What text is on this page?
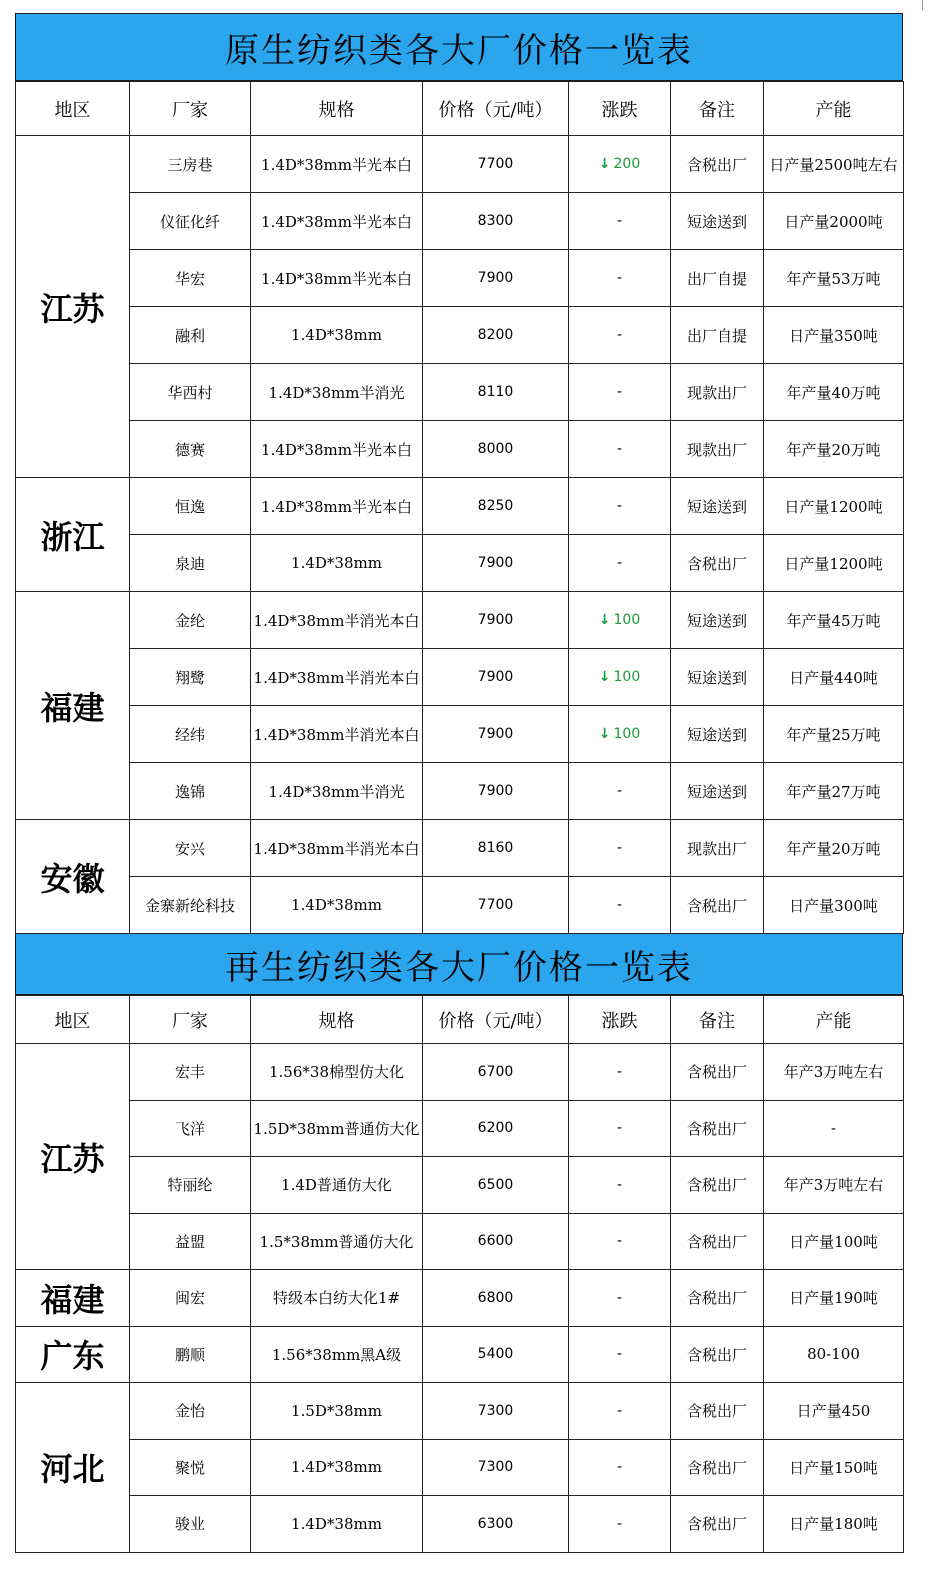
原生纺织类各大厂价格一览表
地区	厂家	规格	价格（元/吨）	涨跌	备注	产能
江苏	三房巷	1.4D*38mm半光本白	7700	↓ 200	含税出厂	日产量2500吨左右
	仪征化纤	1.4D*38mm半光本白	8300	-	短途送到	日产量2000吨
	华宏	1.4D*38mm半光本白	7900	-	出厂自提	年产量53万吨
	融利	1.4D*38mm	8200	-	出厂自提	日产量350吨
	华西村	1.4D*38mm半消光	8110	-	现款出厂	年产量40万吨
	德赛	1.4D*38mm半光本白	8000	-	现款出厂	年产量20万吨
浙江	恒逸	1.4D*38mm半光本白	8250	-	短途送到	日产量1200吨
	泉迪	1.4D*38mm	7900	-	含税出厂	日产量1200吨
福建	金纶	1.4D*38mm半消光本白	7900	↓ 100	短途送到	年产量45万吨
	翔鹭	1.4D*38mm半消光本白	7900	↓ 100	短途送到	日产量440吨
	经纬	1.4D*38mm半消光本白	7900	↓ 100	短途送到	年产量25万吨
	逸锦	1.4D*38mm半消光	7900	-	短途送到	年产量27万吨
安徽	安兴	1.4D*38mm半消光本白	8160	-	现款出厂	年产量20万吨
	金寨新纶科技	1.4D*38mm	7700	-	含税出厂	日产量300吨
再生纺织类各大厂价格一览表
地区	厂家	规格	价格（元/吨）	涨跌	备注	产能
江苏	宏丰	1.56*38棉型仿大化	6700	-	含税出厂	年产3万吨左右
	飞洋	1.5D*38mm普通仿大化	6200	-	含税出厂	-
	特丽纶	1.4D普通仿大化	6500	-	含税出厂	年产3万吨左右
	益盟	1.5*38mm普通仿大化	6600	-	含税出厂	日产量100吨
福建	闽宏	特级本白纺大化1#	6800	-	含税出厂	日产量190吨
广东	鹏顺	1.56*38mm黑A级	5400	-	含税出厂	80-100
河北	金怡	1.5D*38mm	7300	-	含税出厂	日产量450
	聚悦	1.4D*38mm	7300	-	含税出厂	日产量150吨
	骏业	1.4D*38mm	6300	-	含税出厂	日产量180吨
